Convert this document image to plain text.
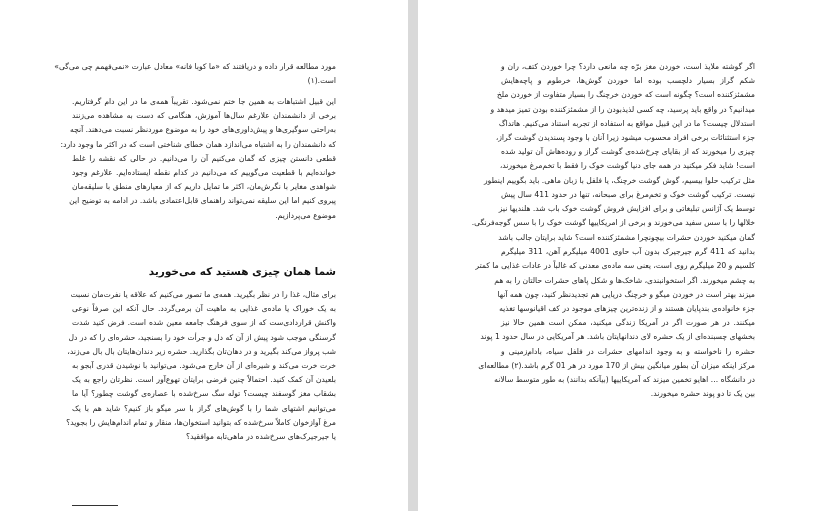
مورد مطالعه قرار داده و دریافتند که «ما کوبا فانه» معادل عبارت «نمی‌فهمم چی می‌گی»
است.(۱)
این قبیل اشتباهات به همین جا ختم نمی‌شود. تقریباً همه‌ی ما در این دام گرفتاریم.
برخی از دانشمندان علارغم سال‌ها آموزش، هنگامی که دست به مشاهده می‌زنند
به‌راحتی سوگیری‌ها و پیش‌داوری‌های خود را به موضوع موردنظر نسبت می‌دهند. آنچه
که دانشمندان را به اشتباه می‌اندازد همان خطای شناختی است که در اکثر ما وجود دارد:
قطعی دانستن چیزی که گمان می‌کنیم آن را می‌دانیم. در حالی که نقشه را غلط
خوانده‌ایم با قطعیت می‌گوییم که می‌دانیم در کدام نقطه ایستاده‌ایم. علارغم وجود
شواهدی مغایر با نگرش‌مان، اکثر ما تمایل داریم که از معیارهای منطق با سلیقه‌مان
پیروی کنیم اما این سلیقه نمی‌تواند راهنمای قابل‌اعتمادی باشد. در ادامه به توضیح این
موضوع می‌پردازیم.
شما همان چیزی هستید که می‌خورید
برای مثال، غذا را در نظر بگیرید. همه‌ی ما تصور می‌کنیم که علاقه یا نفرت‌مان نسبت
به یک خوراک یا ماده‌ی غذایی به ماهیت آن برمی‌گردد. حال آنکه این صرفاً نوعی
واکنش قراردادی‌ست که از سوی فرهنگ جامعه معین شده است. فرض کنید شدت
گرسنگی موجب شود پیش از آن که دل و جرأت خود را بسنجید، حشره‌ای را که در دل
شب پرواز می‌کند بگیرید و در دهان‌تان بگذارید. حشره زیر دندان‌هایتان بال بال می‌زند،
خرت خرت می‌کند و شیره‌ای از آن خارج می‌شود. می‌توانید با نوشیدن قدری آبجو به
بلعیدن آن کمک کنید. احتمالاً چنین فرضی برایتان تهوع‌آور است. نظرتان راجع به یک
بشقاب مغز گوسفند چیست؟ توله سگ سرخ‌شده با عصاره‌ی گوشت چطور؟ آیا ما
می‌توانیم اشتهای شما را با گوش‌های گراز با سر میگو باز کنیم؟ شاید هم با یک
مرغ آوازخوان کاملاً سرخ‌شده که بتوانید استخوان‌ها، منقار و تمام اندام‌هایش را بجوید؟
یا جیرجیرک‌های سرخ‌شده در ماهی‌تابه موافقید؟
اگر گوشته ملایذ است، خوردن مغز برّه چه مانعی دارد؟ چرا خوردن کتف، ران و
شکم گراز بسیار دلچسب بوده اما خوردن گوش‌ها، خرطوم و پاچه‌هایش
مشمئزکننده است؟ چگونه است که خوردن خرچنگ را بسیار متفاوت از خوردن ملخ
میدانیم؟ در واقع باید پرسید، چه کسی لذیذبودن را از مشمئزکننده بودن تمیز میدهد و
استدلال چیست؟ ما در این قبیل مواقع به استفاده از تجربه استناد می‌کنیم. هاتداگ
جزء استثنائات برخی افراد محسوب میشود زیرا آنان با وجود پسندیدن گوشت گراز،
چیزی را میخورند که از بقایای چرخ‌شده‌ی گوشت گراز و روده‌هاش آن تولید شده
است! شاید فکر میکنید در همه جای دنیا گوشت خوک را فقط با تخم‌مرغ میخورند،
مثل ترکیب حلوا بیسیم، گوش گوشت خرچنگ، یا فلفل با زبان ماهی. باید بگوییم اینطور
نیست. ترکیب گوشت خوک و تخم‌مرغ برای صبحانه، تنها در حدود 411 سال پیش
توسط یک آژانس تبلیغاتی و برای افزایش فروش گوشت خوک باب شد. هلندیها نیز
خلالها را با سس سفید می‌خورند و برخی از امریکاییها گوشت خوک را با سس گوجه‌فرنگی.
گمان میکنید خوردن حشرات بیچونچرا مشمئزکننده است؟ شاید برایتان جالب باشد
بدانید که 411 گرم جیرجیرک بدون آب حاوی 4001 میلیگرم آهن، 311 میلیگرم
کلسیم و 20 میلیگرم روی است، یعنی سه ماده‌ی معدنی که غالباً در عادات غذایی ما کمتر
به چشم میخورند. اگر استخوانبندی، شاخک‌ها و شکل پاهای حشرات حالتان را به هم
میزند بهتر است در خوردن میگو و خرچنگ دریایی هم تجدیدنظر کنید، چون همه آنها
جزء خانواده‌ی بندپایان هستند و از زنده‌ترین چیزهای موجود در کف اقیانوسها تغذیه
میکنند. در هر صورت اگر در آمریکا زندگی میکنید، ممکن است همین حالا نیز
بخشهای چسبنده‌ای از یک حشره لای دندانهایتان باشد. هر آمریکایی در سال حدود 1 پوند
حشره را ناخواسته و به وجود اندامهای حشرات در فلفل سیاه، بادام‌زمینی و
مرکز اینکه میزان آن بطور میانگین بیش از 170 مورد در هر 01 گرم باشد.(۲) مطالعه‌ای
در دانشگاه … اهایو تخمین میزند که آمریکاییها (بیآنکه بدانند) به طور متوسط سالانه
بین یک تا دو پوند حشره میخورند.
